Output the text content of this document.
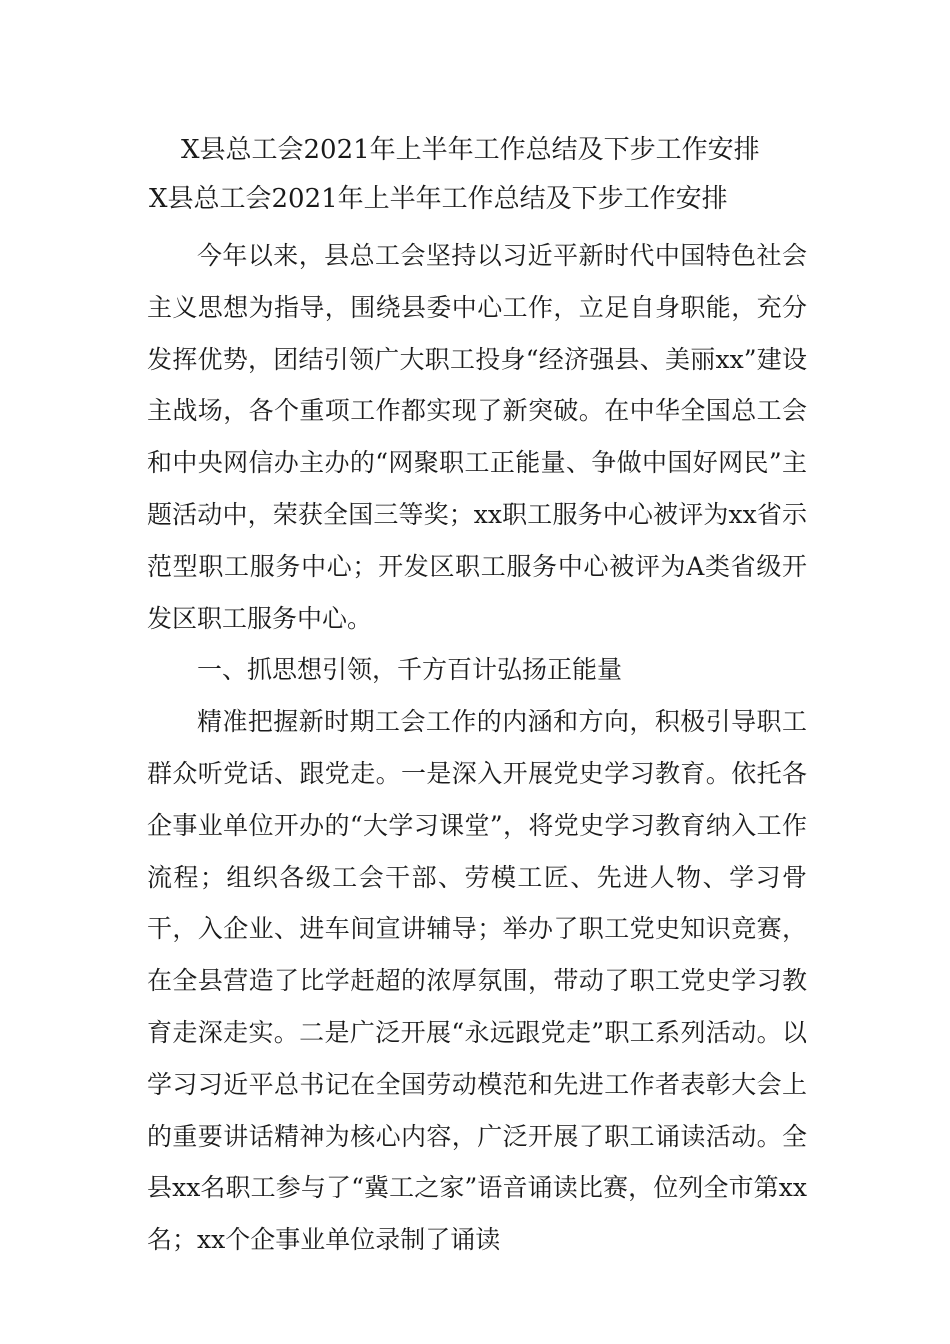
X县总工会2021年上半年工作总结及下步工作安排
X县总工会2021年上半年工作总结及下步工作安排

今年以来，县总工会坚持以习近平新时代中国特色社会主义思想为指导，围绕县委中心工作，立足自身职能，充分发挥优势，团结引领广大职工投身“经济强县、美丽xx”建设主战场，各个重项工作都实现了新突破。在中华全国总工会和中央网信办主办的“网聚职工正能量、争做中国好网民”主题活动中，荣获全国三等奖；xx职工服务中心被评为xx省示范型职工服务中心；开发区职工服务中心被评为A类省级开发区职工服务中心。

一、抓思想引领，千方百计弘扬正能量

精准把握新时期工会工作的内涵和方向，积极引导职工群众听党话、跟党走。一是深入开展党史学习教育。依托各企事业单位开办的“大学习课堂”，将党史学习教育纳入工作流程；组织各级工会干部、劳模工匠、先进人物、学习骨干，入企业、进车间宣讲辅导；举办了职工党史知识竞赛，在全县营造了比学赶超的浓厚氛围，带动了职工党史学习教育走深走实。二是广泛开展“永远跟党走”职工系列活动。以学习习近平总书记在全国劳动模范和先进工作者表彰大会上的重要讲话精神为核心内容，广泛开展了职工诵读活动。全县xx名职工参与了“冀工之家”语音诵读比赛，位列全市第xx名；xx个企事业单位录制了诵读
